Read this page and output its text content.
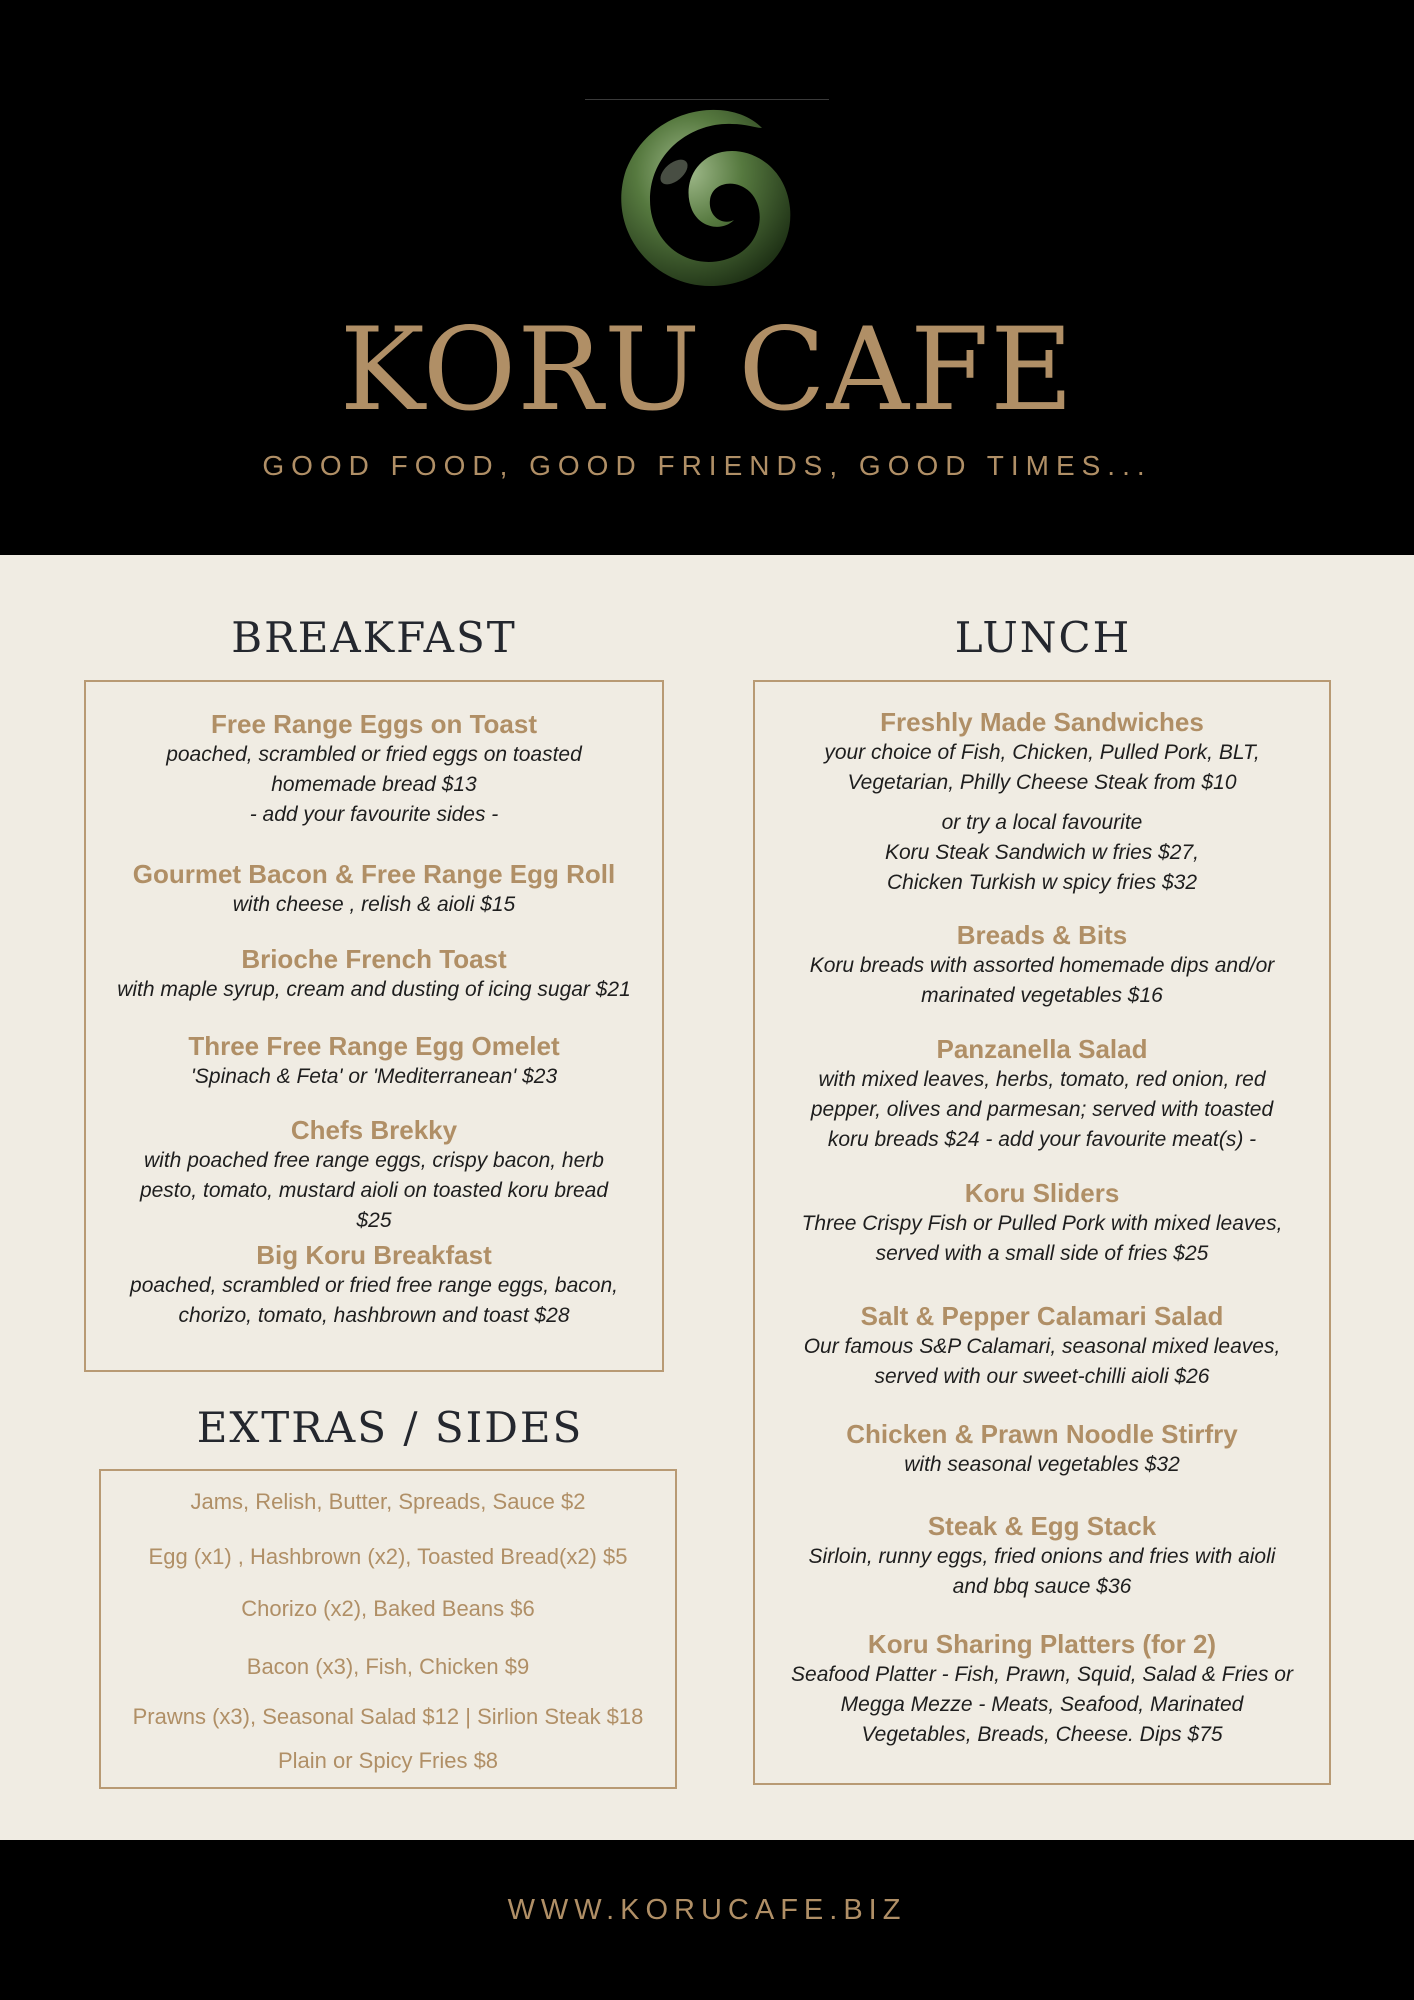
KORU CAFE
GOOD FOOD, GOOD FRIENDS, GOOD TIMES...
BREAKFAST
Free Range Eggs on Toast
poached, scrambled or fried eggs on toasted
homemade bread $13
- add your favourite sides -
Gourmet Bacon & Free Range Egg Roll
with cheese , relish & aioli $15
Brioche French Toast
with maple syrup, cream and dusting of icing sugar $21
Three Free Range Egg Omelet
'Spinach & Feta' or 'Mediterranean' $23
Chefs Brekky
with poached free range eggs, crispy bacon, herb
pesto, tomato, mustard aioli on toasted koru bread
$25
Big Koru Breakfast
poached, scrambled or fried free range eggs, bacon,
chorizo, tomato, hashbrown and toast $28
EXTRAS / SIDES
Jams, Relish, Butter, Spreads, Sauce $2
Egg (x1) , Hashbrown (x2), Toasted Bread(x2) $5
Chorizo (x2), Baked Beans $6
Bacon (x3), Fish, Chicken $9
Prawns (x3), Seasonal Salad $12 | Sirlion Steak $18
Plain or Spicy Fries $8
LUNCH
Freshly Made Sandwiches
your choice of Fish, Chicken, Pulled Pork, BLT,
Vegetarian, Philly Cheese Steak from $10
or try a local favourite
Koru Steak Sandwich w fries $27,
Chicken Turkish w spicy fries $32
Breads & Bits
Koru breads with assorted homemade dips and/or
marinated vegetables $16
Panzanella Salad
with mixed leaves, herbs, tomato, red onion, red
pepper, olives and parmesan; served with toasted
koru breads $24 - add your favourite meat(s) -
Koru Sliders
Three Crispy Fish or Pulled Pork with mixed leaves,
served with a small side of fries $25
Salt & Pepper Calamari Salad
Our famous S&P Calamari, seasonal mixed leaves,
served with our sweet-chilli aioli $26
Chicken & Prawn Noodle Stirfry
with seasonal vegetables $32
Steak & Egg Stack
Sirloin, runny eggs, fried onions and fries with aioli
and bbq sauce $36
Koru Sharing Platters (for 2)
Seafood Platter - Fish, Prawn, Squid, Salad & Fries or
Megga Mezze - Meats, Seafood, Marinated
Vegetables, Breads, Cheese. Dips $75
WWW.KORUCAFE.BIZ
